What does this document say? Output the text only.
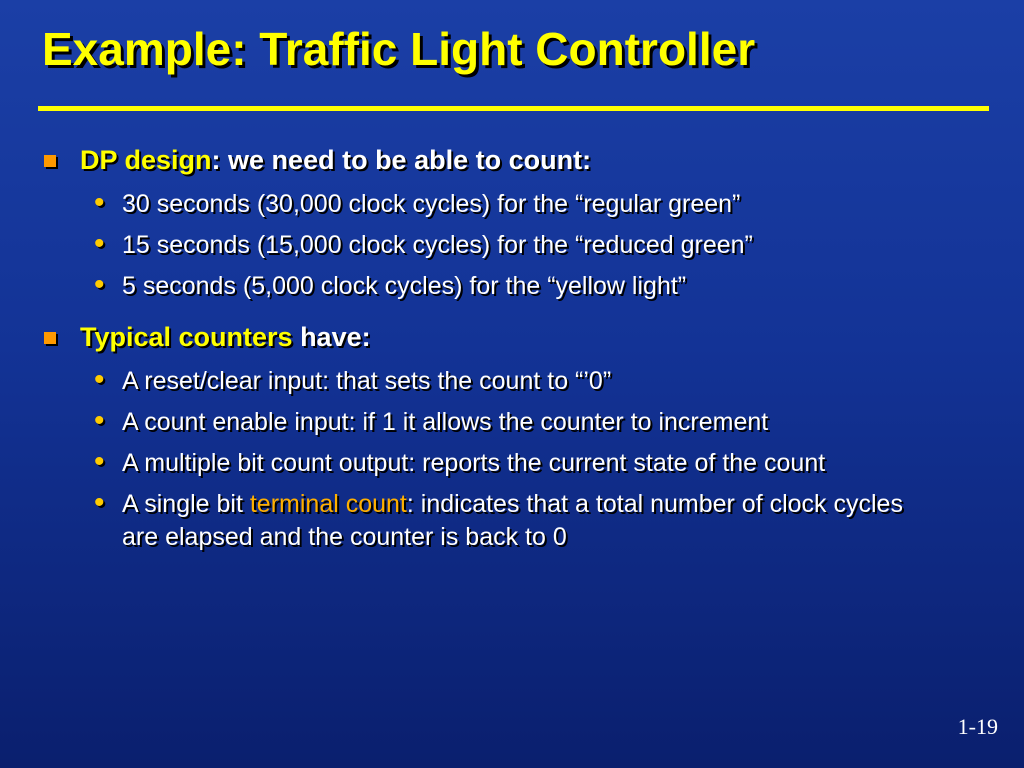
Example: Traffic Light Controller
DP design: we need to be able to count:
• 30 seconds (30,000 clock cycles) for the “regular green”
• 15 seconds (15,000 clock cycles) for the “reduced green”
• 5 seconds (5,000 clock cycles) for the “yellow light”
Typical counters have:
• A reset/clear input: that sets the count to “’0”
• A count enable input: if 1 it allows the counter to increment
• A multiple bit count output: reports the current state of the count
• A single bit terminal count: indicates that a total number of clock cycles are elapsed and the counter is back to 0
1-19
